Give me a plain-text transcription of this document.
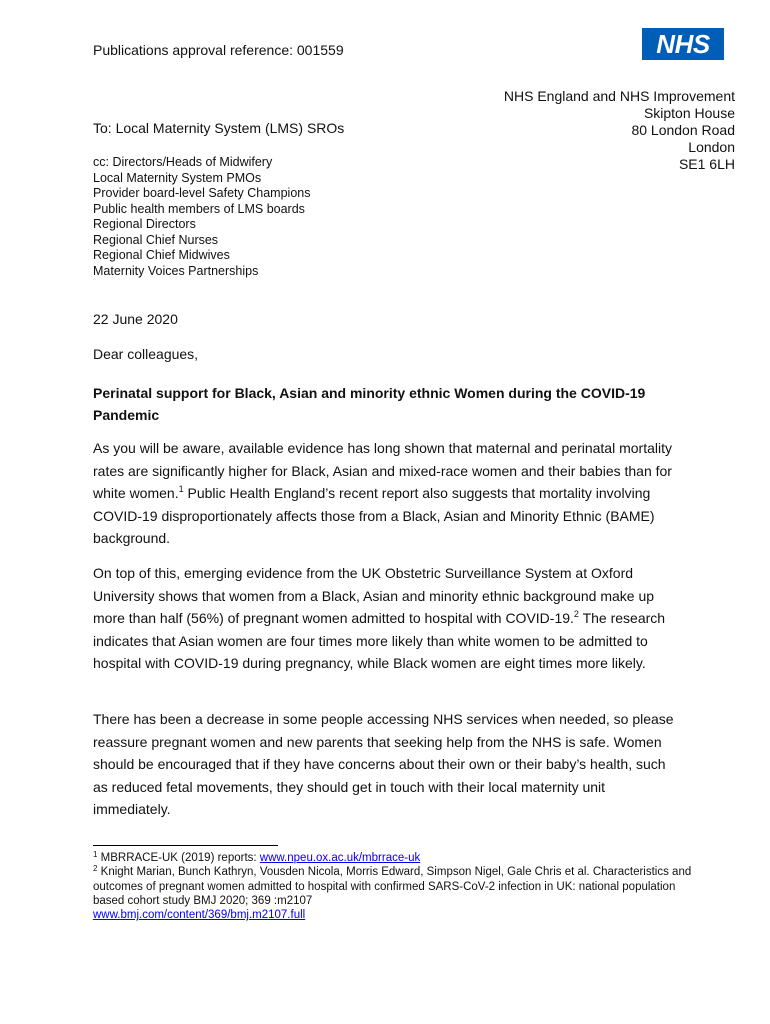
Publications approval reference: 001559	NHS
NHS England and NHS Improvement
Skipton House
80 London Road
London
SE1 6LH
To: Local Maternity System (LMS) SROs
cc: Directors/Heads of Midwifery
Local Maternity System PMOs
Provider board-level Safety Champions
Public health members of LMS boards
Regional Directors
Regional Chief Nurses
Regional Chief Midwives
Maternity Voices Partnerships
22 June 2020
Dear colleagues,
Perinatal support for Black, Asian and minority ethnic Women during the COVID-19 Pandemic
As you will be aware, available evidence has long shown that maternal and perinatal mortality rates are significantly higher for Black, Asian and mixed-race women and their babies than for white women.$^1$ Public Health England’s recent report also suggests that mortality involving COVID-19 disproportionately affects those from a Black, Asian and Minority Ethnic (BAME) background.
On top of this, emerging evidence from the UK Obstetric Surveillance System at Oxford University shows that women from a Black, Asian and minority ethnic background make up more than half (56%) of pregnant women admitted to hospital with COVID-19.$^2$ The research indicates that Asian women are four times more likely than white women to be admitted to hospital with COVID-19 during pregnancy, while Black women are eight times more likely.
There has been a decrease in some people accessing NHS services when needed, so please reassure pregnant women and new parents that seeking help from the NHS is safe. Women should be encouraged that if they have concerns about their own or their baby’s health, such as reduced fetal movements, they should get in touch with their local maternity unit immediately.
$^1$ MBRRACE-UK (2019) reports: www.npeu.ox.ac.uk/mbrrace-uk
$^2$ Knight Marian, Bunch Kathryn, Vousden Nicola, Morris Edward, Simpson Nigel, Gale Chris et al. Characteristics and outcomes of pregnant women admitted to hospital with confirmed SARS-CoV-2 infection in UK: national population based cohort study BMJ 2020; 369 :m2107
www.bmj.com/content/369/bmj.m2107.full
